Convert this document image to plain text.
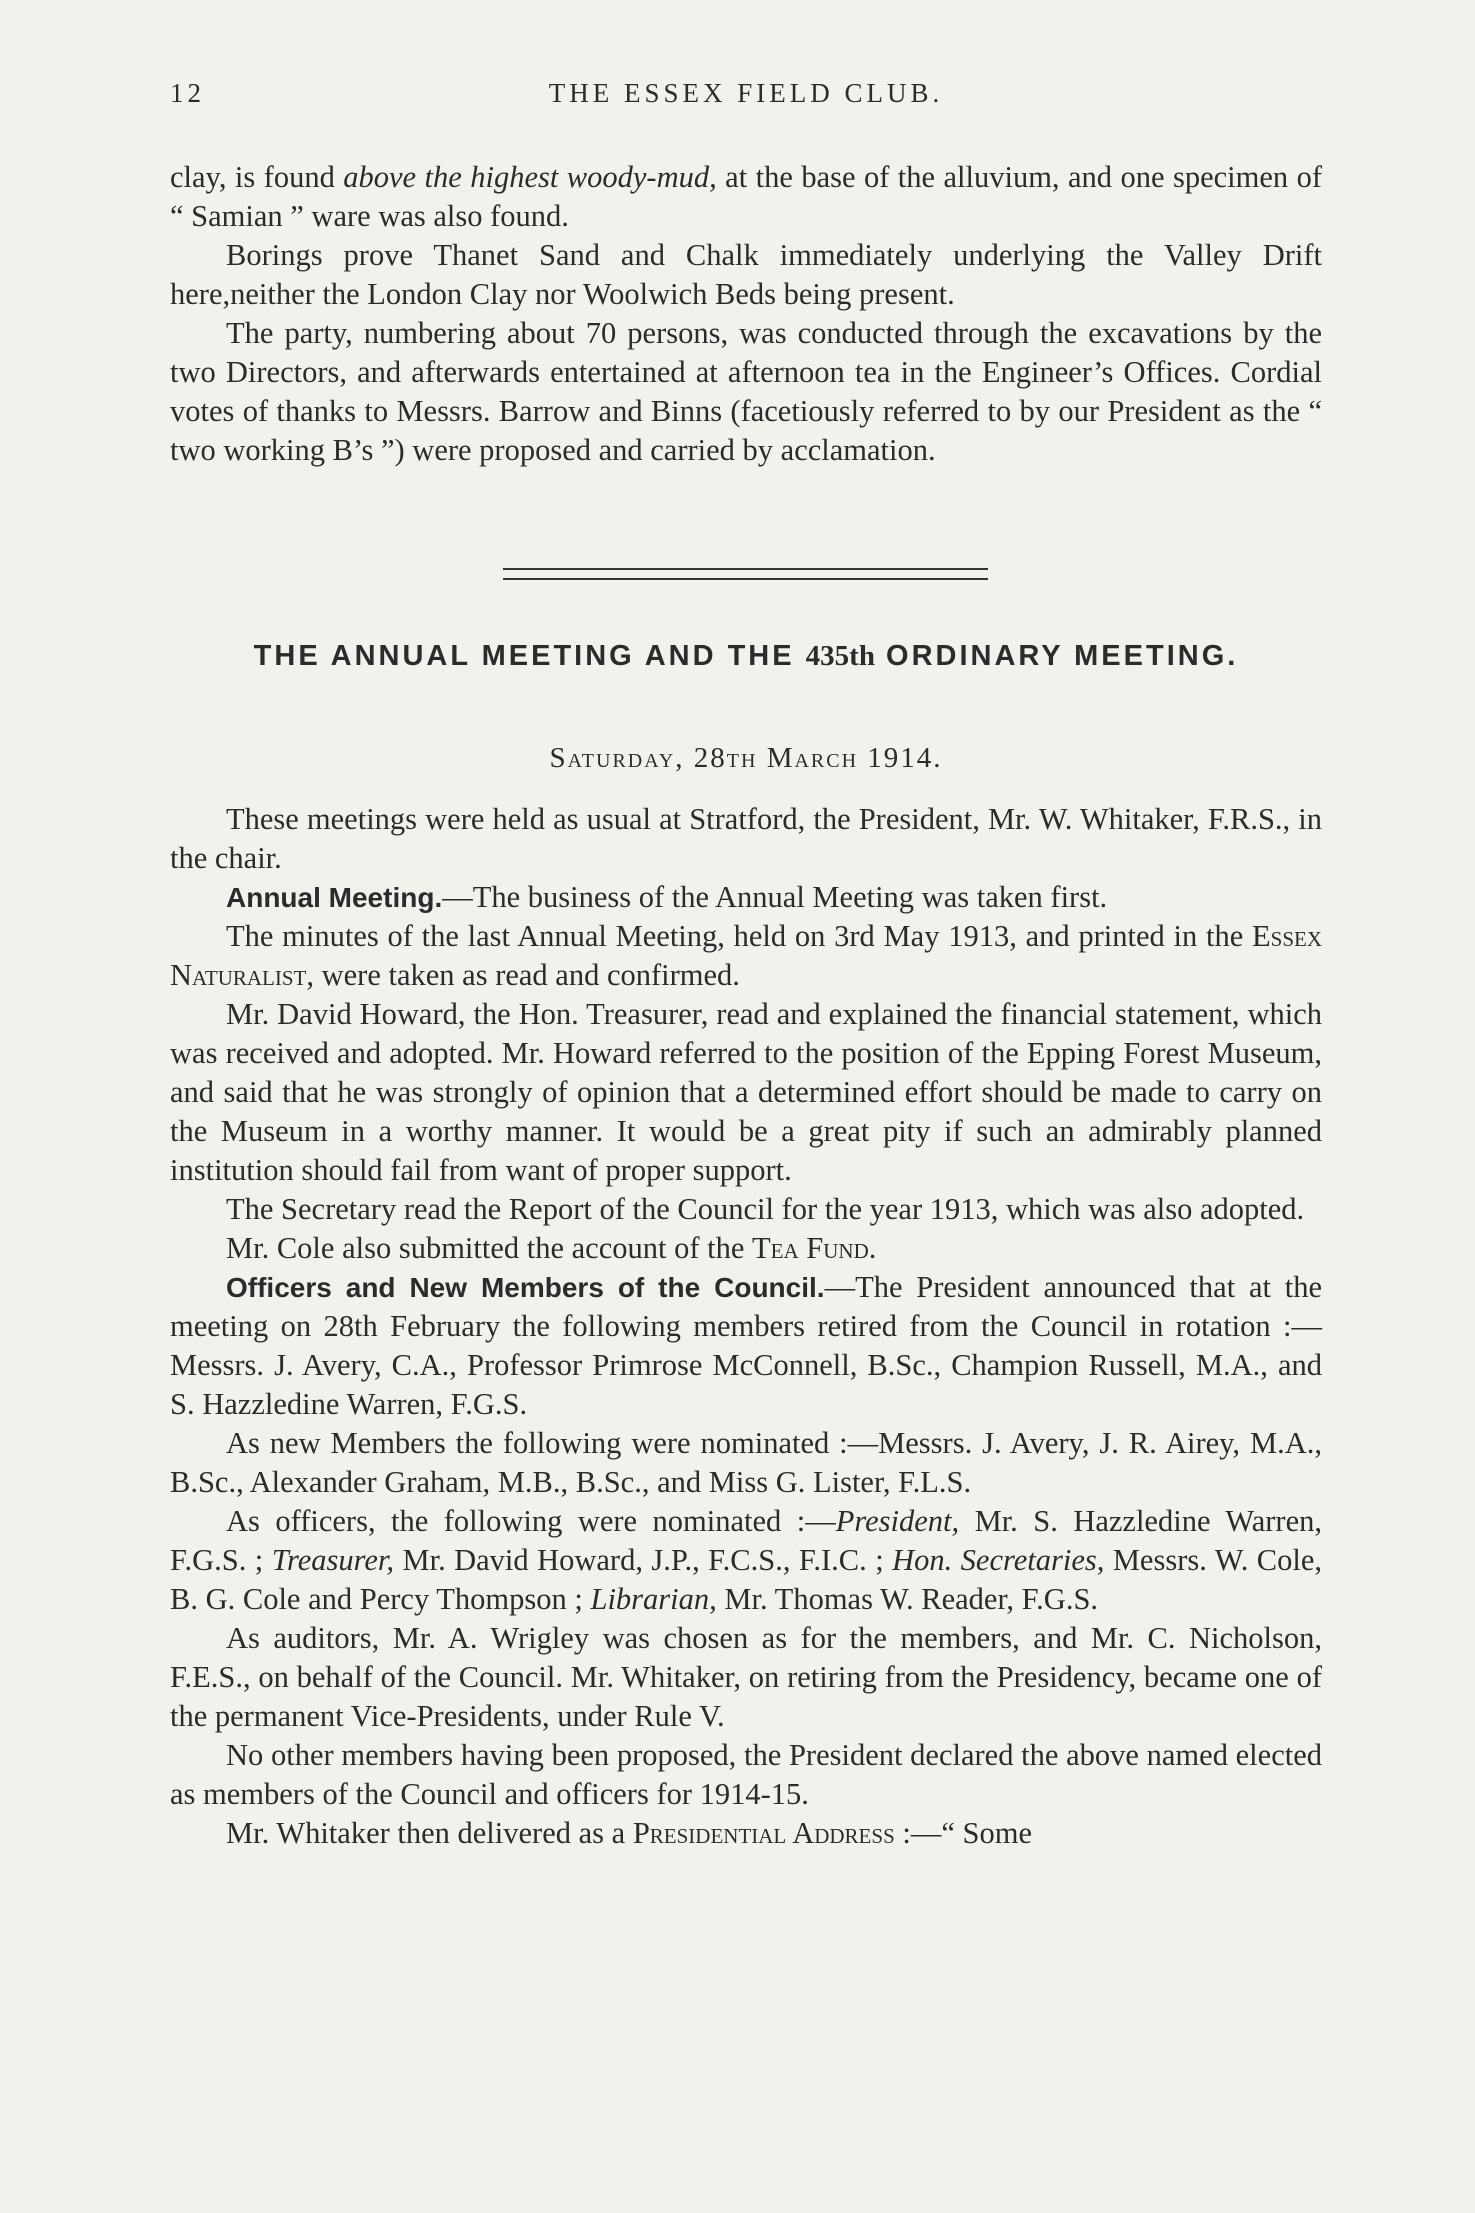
12	THE ESSEX FIELD CLUB.

clay, is found above the highest woody-mud, at the base of the alluvium, and one specimen of “ Samian ” ware was also found.

Borings prove Thanet Sand and Chalk immediately underlying the Valley Drift here,neither the London Clay nor Woolwich Beds being present.

The party, numbering about 70 persons, was conducted through the excavations by the two Directors, and afterwards entertained at afternoon tea in the Engineer’s Offices. Cordial votes of thanks to Messrs. Barrow and Binns (facetiously referred to by our President as the “ two working B’s ”) were proposed and carried by acclamation.

THE ANNUAL MEETING AND THE 435th ORDINARY MEETING.
Saturday, 28th March 1914.

These meetings were held as usual at Stratford, the President, Mr. W. Whitaker, F.R.S., in the chair.

Annual Meeting.—The business of the Annual Meeting was taken first.

The minutes of the last Annual Meeting, held on 3rd May 1913, and printed in the Essex Naturalist, were taken as read and confirmed.

Mr. David Howard, the Hon. Treasurer, read and explained the financial statement, which was received and adopted. Mr. Howard referred to the position of the Epping Forest Museum, and said that he was strongly of opinion that a determined effort should be made to carry on the Museum in a worthy manner. It would be a great pity if such an admirably planned institution should fail from want of proper support.

The Secretary read the Report of the Council for the year 1913, which was also adopted.

Mr. Cole also submitted the account of the Tea Fund.

Officers and New Members of the Council.—The President announced that at the meeting on 28th February the following members retired from the Council in rotation :—Messrs. J. Avery, C.A., Professor Primrose McConnell, B.Sc., Champion Russell, M.A., and S. Hazzledine Warren, F.G.S.

As new Members the following were nominated :—Messrs. J. Avery, J. R. Airey, M.A., B.Sc., Alexander Graham, M.B., B.Sc., and Miss G. Lister, F.L.S.

As officers, the following were nominated :—President, Mr. S. Hazzledine Warren, F.G.S. ; Treasurer, Mr. David Howard, J.P., F.C.S., F.I.C. ; Hon. Secretaries, Messrs. W. Cole, B. G. Cole and Percy Thompson ; Librarian, Mr. Thomas W. Reader, F.G.S.

As auditors, Mr. A. Wrigley was chosen as for the members, and Mr. C. Nicholson, F.E.S., on behalf of the Council. Mr. Whitaker, on retiring from the Presidency, became one of the permanent Vice-Presidents, under Rule V.

No other members having been proposed, the President declared the above named elected as members of the Council and officers for 1914-15.

Mr. Whitaker then delivered as a Presidential Address :—“ Some
